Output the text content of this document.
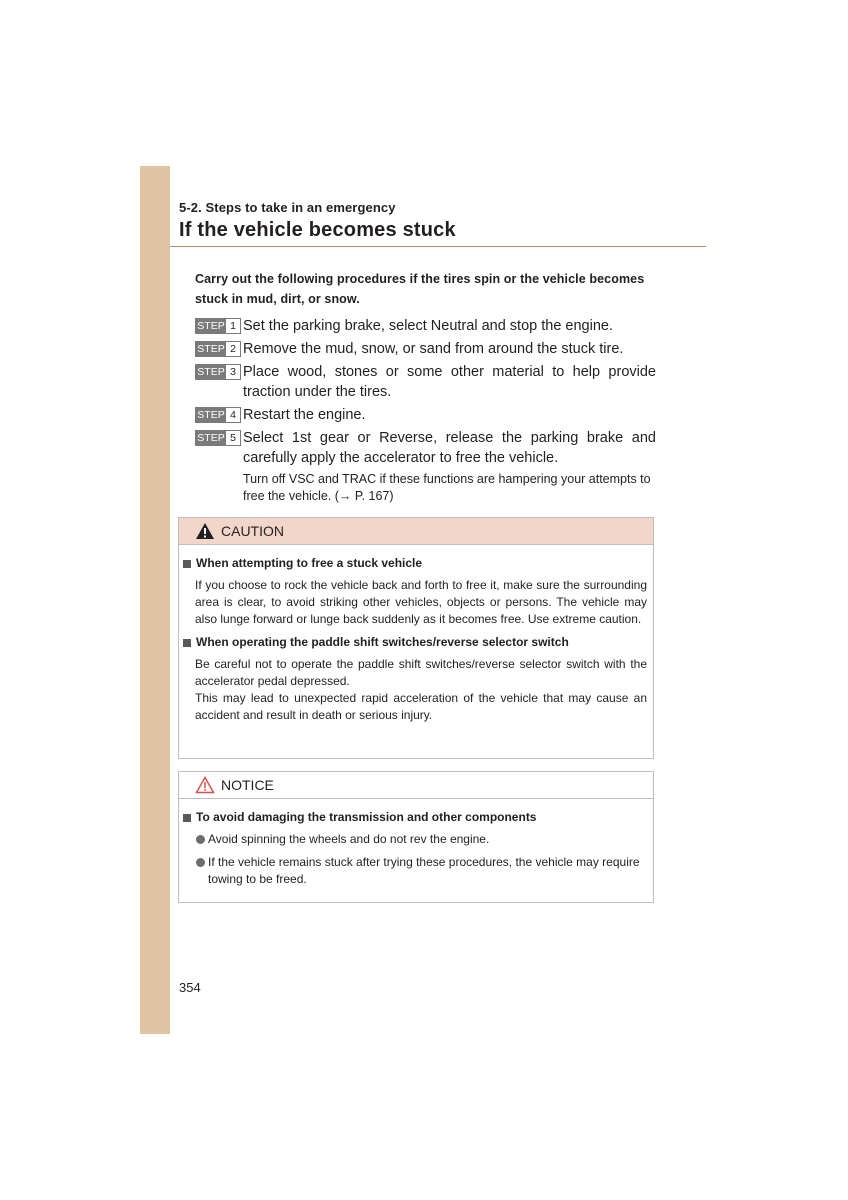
5-2. Steps to take in an emergency
If the vehicle becomes stuck
Carry out the following procedures if the tires spin or the vehicle becomes stuck in mud, dirt, or snow.
STEP 1 Set the parking brake, select Neutral and stop the engine.
STEP 2 Remove the mud, snow, or sand from around the stuck tire.
STEP 3 Place wood, stones or some other material to help provide traction under the tires.
STEP 4 Restart the engine.
STEP 5 Select 1st gear or Reverse, release the parking brake and carefully apply the accelerator to free the vehicle.
Turn off VSC and TRAC if these functions are hampering your attempts to free the vehicle. (→ P. 167)
CAUTION
When attempting to free a stuck vehicle
If you choose to rock the vehicle back and forth to free it, make sure the surrounding area is clear, to avoid striking other vehicles, objects or persons. The vehicle may also lunge forward or lunge back suddenly as it becomes free. Use extreme caution.
When operating the paddle shift switches/reverse selector switch
Be careful not to operate the paddle shift switches/reverse selector switch with the accelerator pedal depressed.
This may lead to unexpected rapid acceleration of the vehicle that may cause an accident and result in death or serious injury.
NOTICE
To avoid damaging the transmission and other components
Avoid spinning the wheels and do not rev the engine.
If the vehicle remains stuck after trying these procedures, the vehicle may require towing to be freed.
354
